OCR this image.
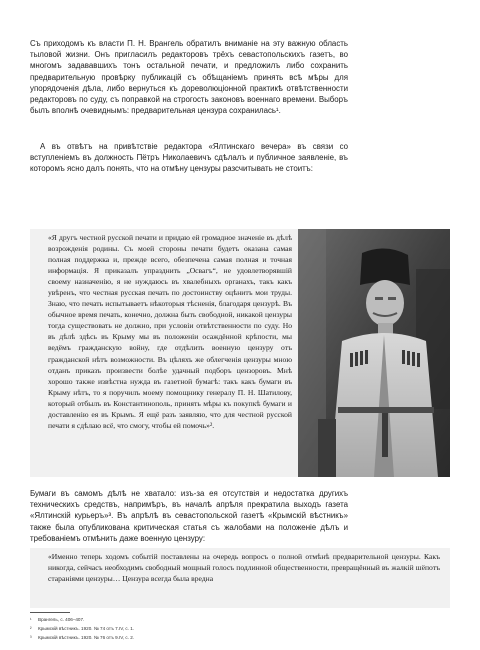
Съ приходомъ къ власти П. Н. Врангель обратилъ вниманіе на эту важную область тыловой жизни. Онъ пригласилъ редакторовъ трёхъ севастопольскихъ газетъ, во многомъ задававшихъ тонъ остальной печати, и предложилъ либо сохранить предварительную провѣрку публикацій съ обѣщаніемъ принять всѣ мѣры для упорядоченія дѣла, либо вернуться къ дореволюціонной практикѣ отвѣтственности редакторовъ по суду, съ поправкой на строгость законовъ военнаго времени. Выборъ былъ вполнѣ очевиднымъ: предварительная цензура сохранилась¹.

А въ отвѣтъ на привѣтствіе редактора «Ялтинскаго вечера» въ связи со вступленіемъ въ должность Пётръ Николаевичъ сдѣлалъ и публичное заявленіе, въ которомъ ясно далъ понять, что на отмѣну цензуры разсчитывать не стоитъ:

«Я другъ честной русской печати и придаю ей громадное значеніе въ дѣлѣ возрожденія родины. Съ моей стороны печати будетъ оказана самая полная поддержка и, прежде всего, обезпечена самая полная и точная информація. Я приказалъ упразднить „Освагъ“, не удовлетворявшій своему назначенію, я не нуждаюсь въ хвалебныхъ органахъ, такъ какъ увѣренъ, что честная русская печать по достоинству оцѣнитъ мои труды. Знаю, что печать испытываетъ нѣкоторыя тѣсненія, благодаря цензурѣ. Въ обычное время печать, конечно, должна быть свободной, никакой цензуры тогда существовать не должно, при условіи отвѣтственности по суду. Но въ дѣлѣ здѣсь въ Крыму мы въ положеніи осаждённой крѣпости, мы ведёмъ гражданскую войну, где отдѣлить военную цензуру отъ гражданской нѣтъ возможности. Въ цѣляхъ же облегченія цензуры мною отданъ приказъ произвести болѣе удачный подборъ цензоровъ. Мнѣ хорошо также извѣстна нужда въ газетной бумагѣ: такъ какъ бумаги въ Крыму нѣтъ, то я поручилъ моему помощнику генералу П. Н. Шатилову, который отбылъ въ Константинополь, принять мѣры къ покупкѣ бумаги и доставленію ея въ Крымъ. Я ещё разъ заявляю, что для честной русской печати я сдѣлаю всё, что смогу, чтобы ей помочь»².

Бумаги въ самомъ дѣлѣ не хватало: изъ-за ея отсутствія и недостатка другихъ техническихъ средствъ, напримѣръ, въ началѣ апрѣля прекратила выходъ газета «Ялтинскій курьеръ»³. Въ апрѣлѣ въ севастопольской газетѣ «Крымскій вѣстникъ» также была опубликована критическая статья съ жалобами на положеніе дѣлъ и требованіемъ отмѣнить даже военную цензуру:

«Именно теперь ходомъ событій поставлены на очередь вопросъ о полной отмѣнѣ предварительной цензуры. Какъ никогда, сейчасъ необходимъ свободный мощный голосъ подлинной общественности, превращённый въ жалкій шёпотъ стараніями цензуры… Цензура всегда была вредна

¹ Врангель, с. 406–407.
² Крымскій вѣстникъ. 1920. № 74 отъ 7.IV, с. 1.
³ Крымскій вѣстникъ. 1920. № 76 отъ 9.IV, с. 2.
